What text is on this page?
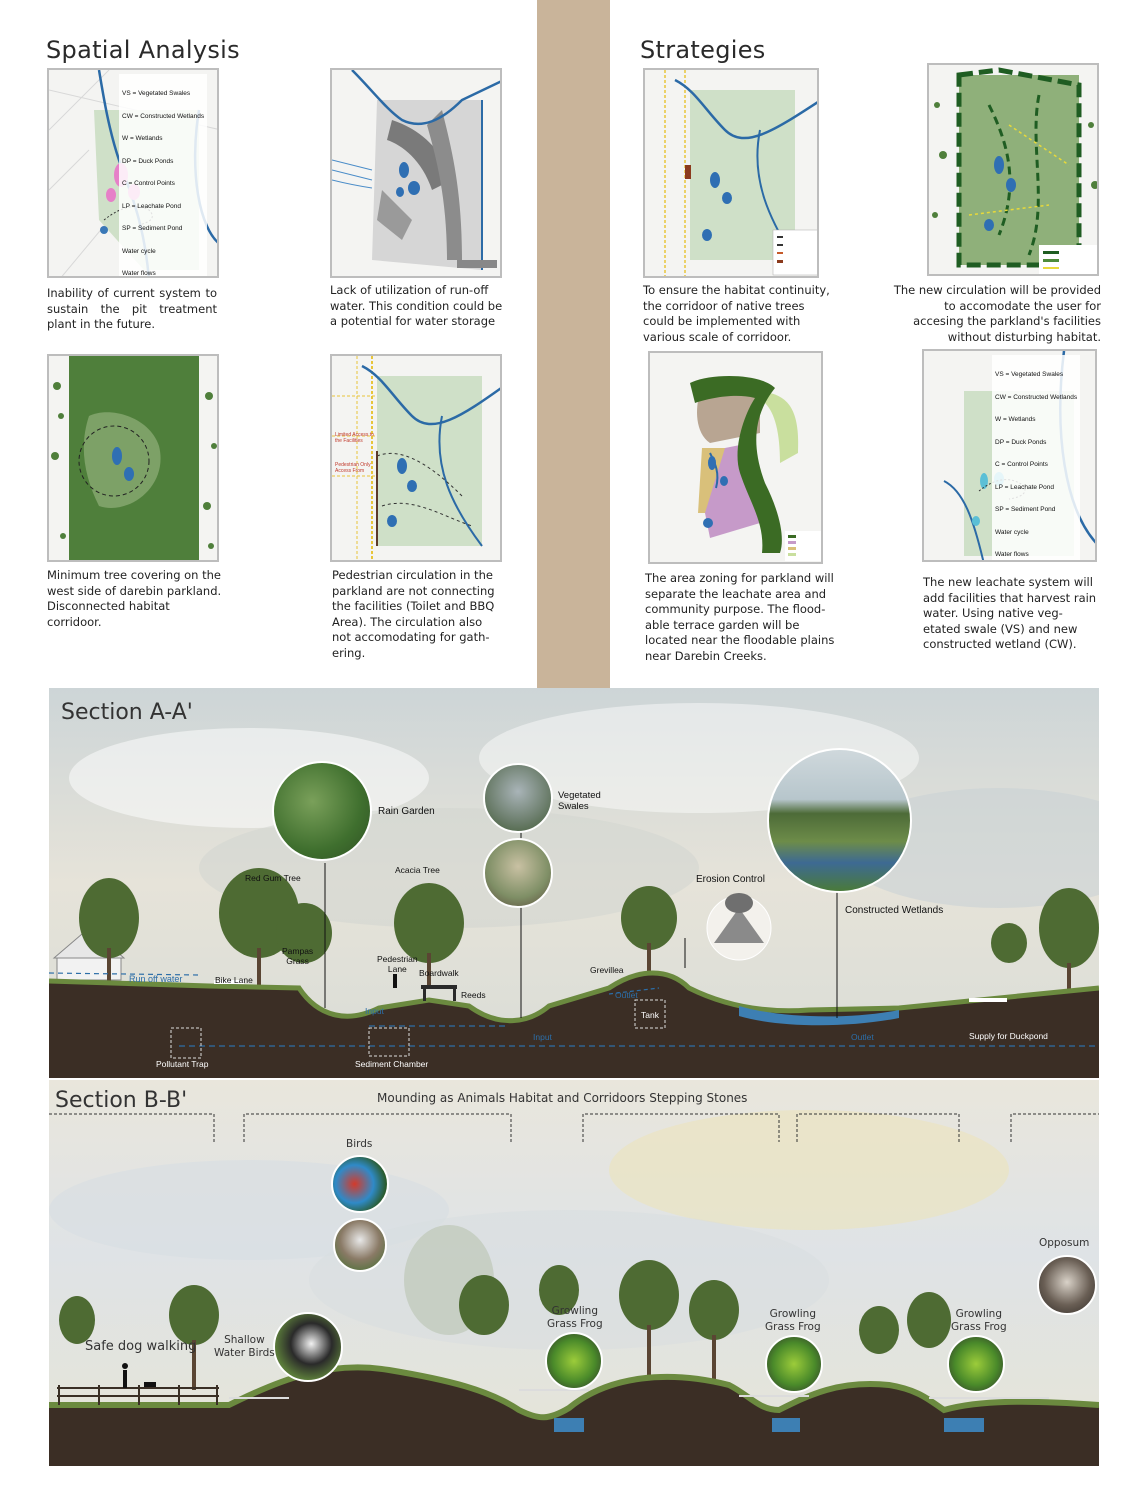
Spatial Analysis	Strategies

VS = Vegetated Swales

CW = Constructed Wetlands

W = Wetlands

DP = Duck Ponds

C = Control Points

LP = Leachate Pond

SP = Sediment Pond

Water cycle

Water flows

Inability of current system to sustain the pit treatment plant in the future.
Lack of utilization of run-off water. This condition could be a potential for water storage
Minimum tree covering on the west side of darebin parkland. Disconnected habitat corridoor.
Limited Access to
the Facilities
Pedestrian Only
Access From
Pedestrian circulation in the parkland are not connecting the facilities (Toilet and BBQ Area). The circulation also not accomodating for gath- ering.
To ensure the habitat continuity, the corridoor of native trees could be implemented with various scale of corridoor.
The new circulation will be provided to accomodate the user for accesing the parkland's facilities without disturbing habitat.
The area zoning for parkland will separate the leachate area and community purpose. The flood- able terrace garden will be located near the floodable plains near Darebin Creeks.

VS = Vegetated Swales

CW = Constructed Wetlands

W = Wetlands

DP = Duck Ponds

C = Control Points

LP = Leachate Pond

SP = Sediment Pond

Water cycle

Water flows

The new leachate system will add facilities that harvest rain water. Using native veg- etated swale (VS) and new constructed wetland (CW).
Section A-A'
Rain Garden
Vegetated
Swales
Red Gum Tree
Acacia Tree
Erosion Control
Constructed Wetlands
Pampas
Grass	Pedestrian
Lane	Boardwalk
Reeds
Grevillea
Run off water	Bike Lane
Outlet
Tank
Input
Input	Outlet	Supply for Duckpond
Pollutant Trap	Sediment Chamber
Section B-B'	Mounding as Animals Habitat and Corridoors Stepping Stones
Birds
Safe dog walking	Shallow
Water Birds
Growling
Grass Frog
Growling
Grass Frog
Growling
Grass Frog
Opposum
